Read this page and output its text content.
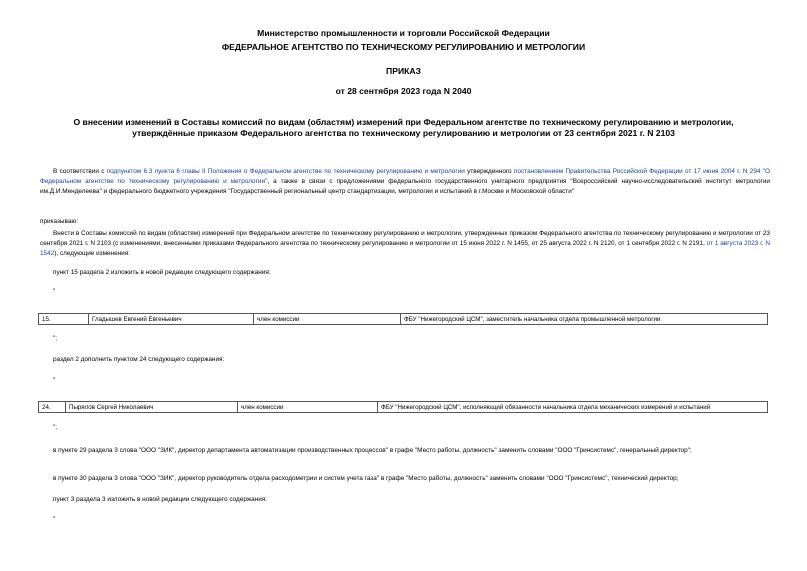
Министерство промышленности и торговли Российской Федерации
ФЕДЕРАЛЬНОЕ АГЕНТСТВО ПО ТЕХНИЧЕСКОМУ РЕГУЛИРОВАНИЮ И МЕТРОЛОГИИ
ПРИКАЗ
от 28 сентября 2023 года N 2040
О внесении изменений в Составы комиссий по видам (областям) измерений при Федеральном агентстве по техническому регулированию и метрологии,
утверждённые приказом Федерального агентства по техническому регулированию и метрологии от 23 сентября 2021 г. N 2103
В соответствии с подпунктом 6.3 пункта 6 главы II Положения о Федеральном агентстве по техническому регулированию и метрологии утвержденного постановлением Правительства Российской Федерации от 17 июня 2004 г. N 294 "О Федеральном агентстве по техническому регулированию и метрологии", а также в связи с предложениями федерального государственного унитарного предприятия "Всероссийский научно-исследовательский институт метрологии им.Д.И.Менделеева" и федерального бюджетного учреждения "Государственный региональный центр стандартизации, метрологии и испытаний в г.Москве и Московской области"
приказываю:
Внести в Составы комиссий по видам (областям) измерений при Федеральном агентстве по техническому регулированию и метрологии, утвержденных приказом Федерального агентства по техническому регулированию и метрологии от 23 сентября 2021 г. N 2103 (с изменениями, внесенными приказами Федерального агентства по техническому регулированию и метрологии от 15 июня 2022 г. N 1455, от 25 августа 2022 г. N 2120, от 1 сентября 2022 г. N 2191, от 1 августа 2023 г. N 1542), следующие изменения:
пункт 15 раздела 2 изложить в новой редакции следующего содержания:
"
15.	Гладышев Евгений Евгеньевич	член комиссии	ФБУ "Нижегородский ЦСМ", заместитель начальника отдела промышленной метрологии
";
раздел 2 дополнить пунктом 24 следующего содержания:
"
24.	Пырялов Сергей Николаевич	член комиссии	ФБУ "Нижегородский ЦСМ", исполняющий обязанности начальника отдела механических измерений и испытаний
";
в пункте 29 раздела 3 слова "ООО "ЗИК", директор департамента автоматизации производственных процессов" в графе "Место работы, должность" заменить словами "ООО "Гринсистемс", генеральный директор";
в пункте 30 раздела 3 слова "ООО "ЗИК", директор руководитель отдела расходометрии и систем учета газа" в графе "Место работы, должность" заменить словами "ООО "Гринсистемс", технический директор;
пункт 3 раздела 3 изложить в новой редакции следующего содержания:
"
